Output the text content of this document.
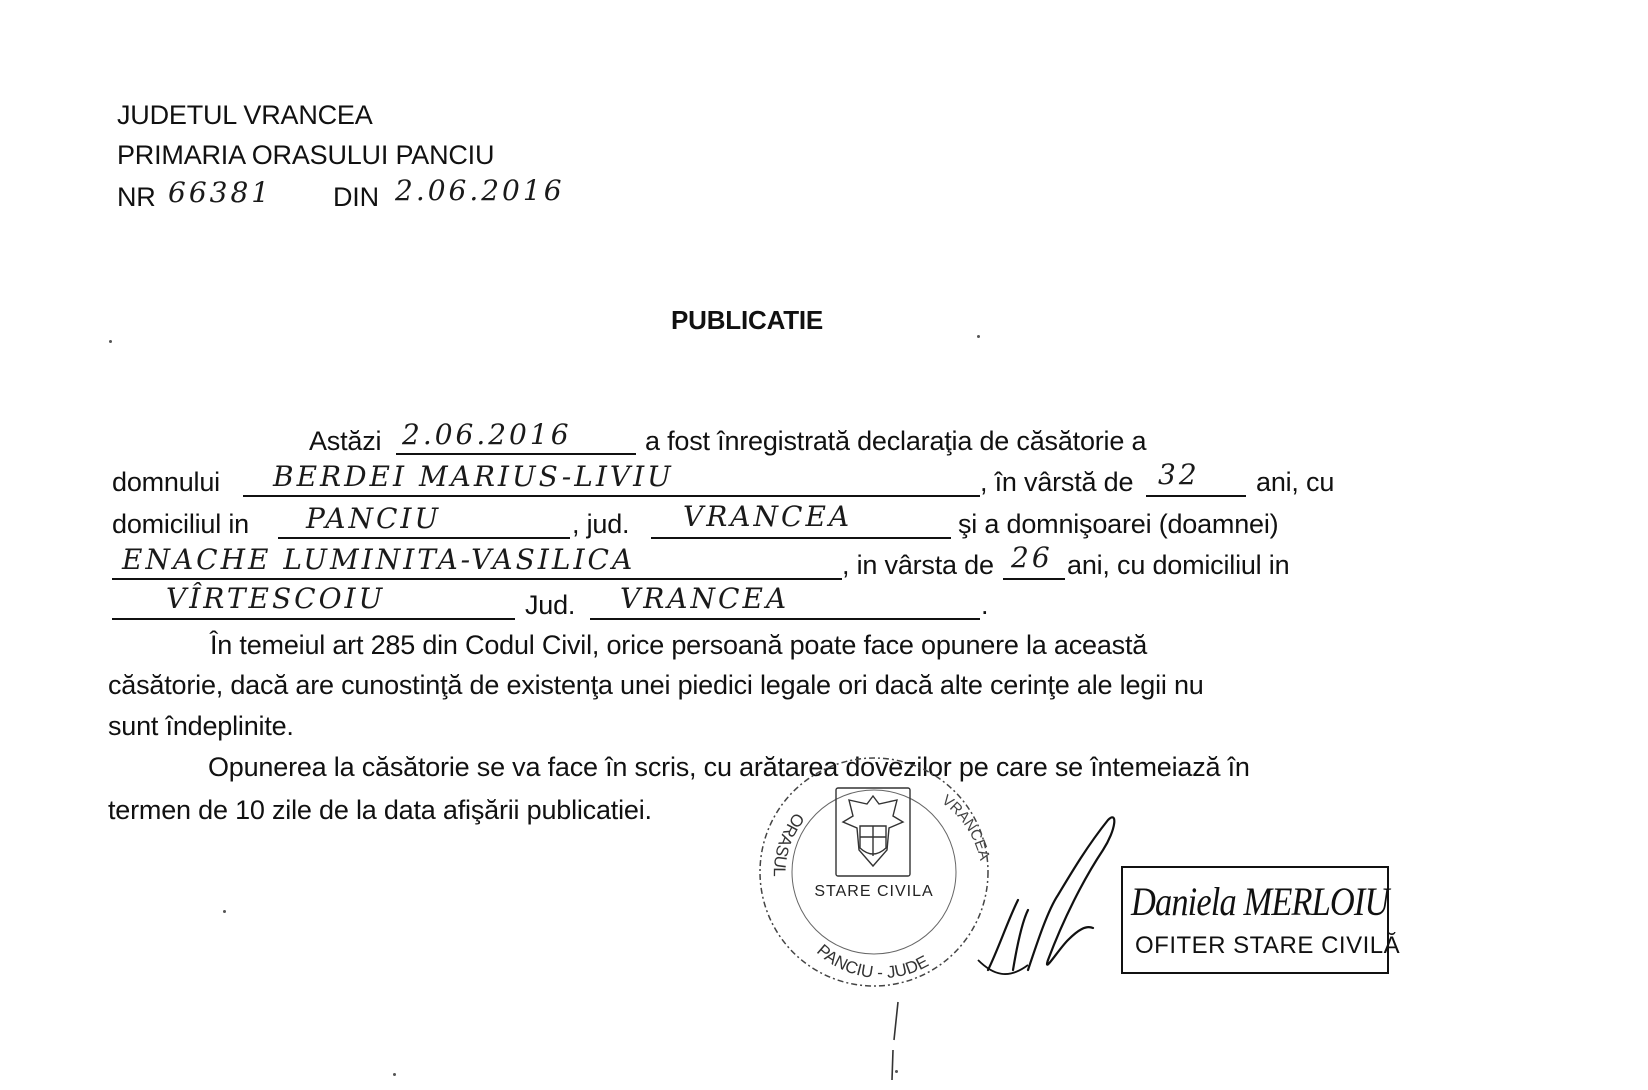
JUDETUL VRANCEA
PRIMARIA ORASULUI PANCIU
NR 66381 DIN 2.06.2016
PUBLICATIE
Astăzi 2.06.2016	a fost înregistrată declaraţia de căsătorie a
domnului BERDEI MARIUS-LIVIU	, în vârstă de 32 ani, cu
domiciliul in PANCIU	, jud. VRANCEA	şi a domnişoarei (doamnei)
ENACHE LUMINITA-VASILICA	, in vârsta de 26 ani, cu domiciliul in
VÎRTESCOIU	Jud. VRANCEA	.
În temeiul art 285 din Codul Civil, orice persoană poate face opunere la această
căsătorie, dacă are cunostinţă de existenţa unei piedici legale ori dacă alte cerinţe ale legii nu
sunt îndeplinite.
Opunerea la căsătorie se va face în scris, cu arătarea dovezilor pe care se întemeiază în
termen de 10 zile de la data afişării publicatiei.	ORASUL
PANCIU - JUDETUL
VRANCEA
STARE CIVILA	Daniela MERLOIU
OFITER STARE CIVILĂ
